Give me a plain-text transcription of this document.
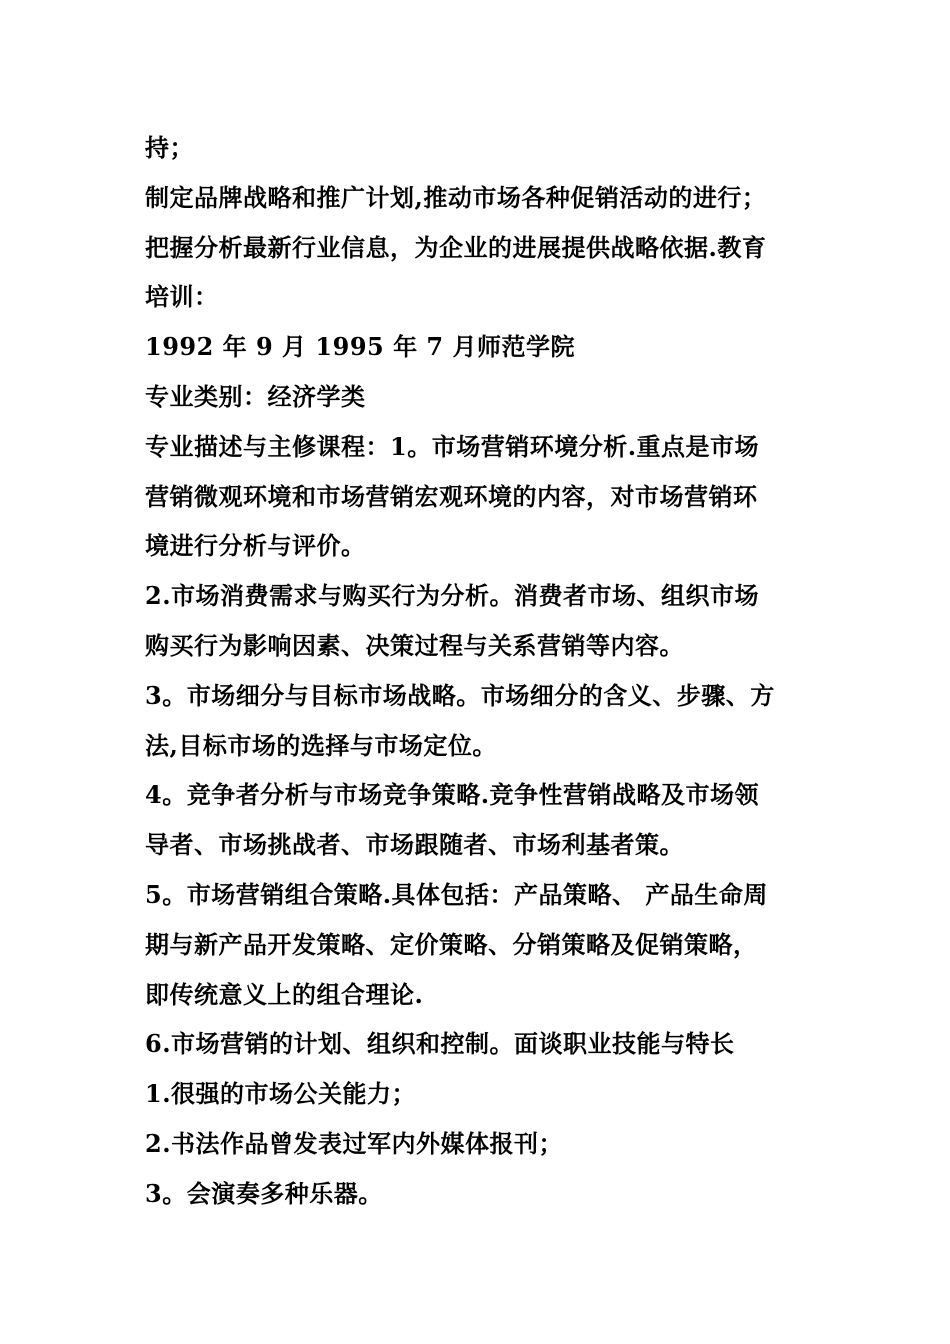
持；
制定品牌战略和推广计划,推动市场各种促销活动的进行；
把握分析最新行业信息，为企业的进展提供战略依据.教育
培训：
1992 年 9 月 1995 年 7 月师范学院
专业类别：经济学类
专业描述与主修课程：1。市场营销环境分析.重点是市场
营销微观环境和市场营销宏观环境的内容，对市场营销环
境进行分析与评价。
2.市场消费需求与购买行为分析。消费者市场、组织市场
购买行为影响因素、决策过程与关系营销等内容。
3。市场细分与目标市场战略。市场细分的含义、步骤、方
法,目标市场的选择与市场定位。
4。竞争者分析与市场竞争策略.竞争性营销战略及市场领
导者、市场挑战者、市场跟随者、市场利基者策。
5。市场营销组合策略.具体包括：产品策略、 产品生命周
期与新产品开发策略、定价策略、分销策略及促销策略，
即传统意义上的组合理论.
6.市场营销的计划、组织和控制。面谈职业技能与特长
1.很强的市场公关能力；
2.书法作品曾发表过军内外媒体报刊；
3。会演奏多种乐器。
